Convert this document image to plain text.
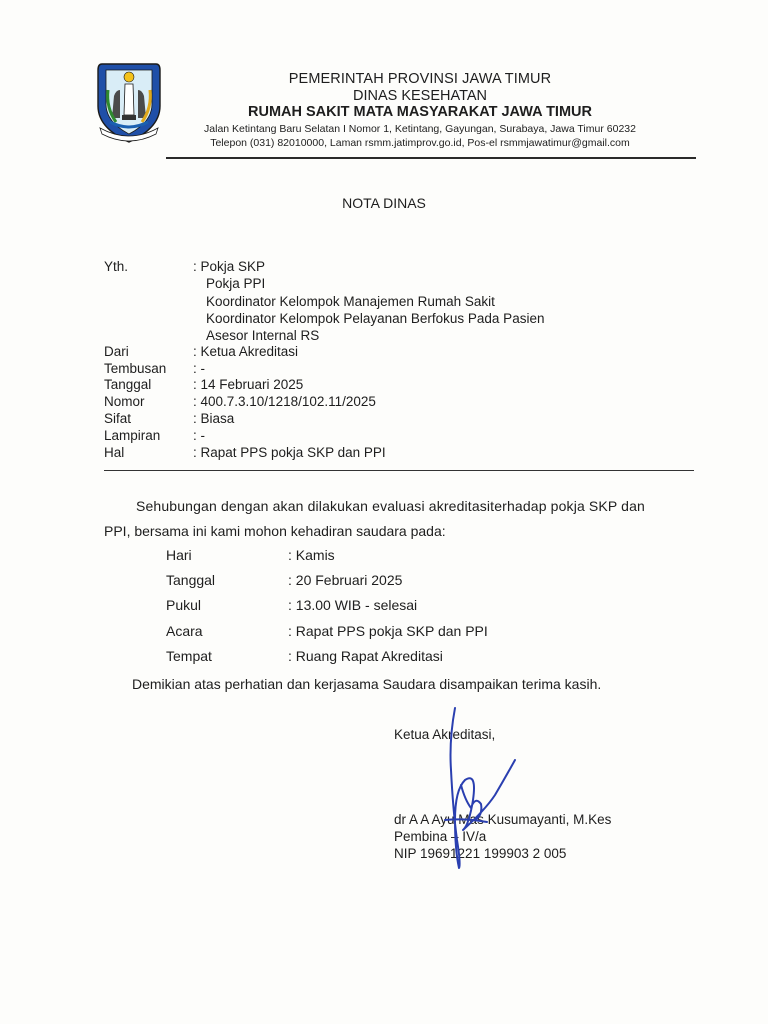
PEMERINTAH PROVINSI JAWA TIMUR
DINAS KESEHATAN
RUMAH SAKIT MATA MASYARAKAT JAWA TIMUR
Jalan Ketintang Baru Selatan I Nomor 1, Ketintang, Gayungan, Surabaya, Jawa Timur 60232
Telepon (031) 82010000, Laman rsmm.jatimprov.go.id, Pos-el rsmmjawatimur@gmail.com
NOTA DINAS
Yth.	: Pokja SKP
Pokja PPI
Koordinator Kelompok Manajemen Rumah Sakit
Koordinator Kelompok Pelayanan Berfokus Pada Pasien
Asesor Internal RS
Dari	: Ketua Akreditasi
Tembusan : -
Tanggal	: 14 Februari 2025
Nomor	: 400.7.3.10/1218/102.11/2025
Sifat	: Biasa
Lampiran : -
Hal	: Rapat PPS pokja SKP dan PPI
Sehubungan dengan akan dilakukan evaluasi akreditasiterhadap pokja SKP dan
PPI, bersama ini kami mohon kehadiran saudara pada:
Hari	: Kamis
Tanggal	: 20 Februari 2025
Pukul	: 13.00 WIB - selesai
Acara	: Rapat PPS pokja SKP dan PPI
Tempat	: Ruang Rapat Akreditasi
Demikian atas perhatian dan kerjasama Saudara disampaikan terima kasih.
Ketua Akreditasi,
dr A A Ayu Mas Kusumayanti, M.Kes
Pembina – IV/a
NIP 19691221 199903 2 005
